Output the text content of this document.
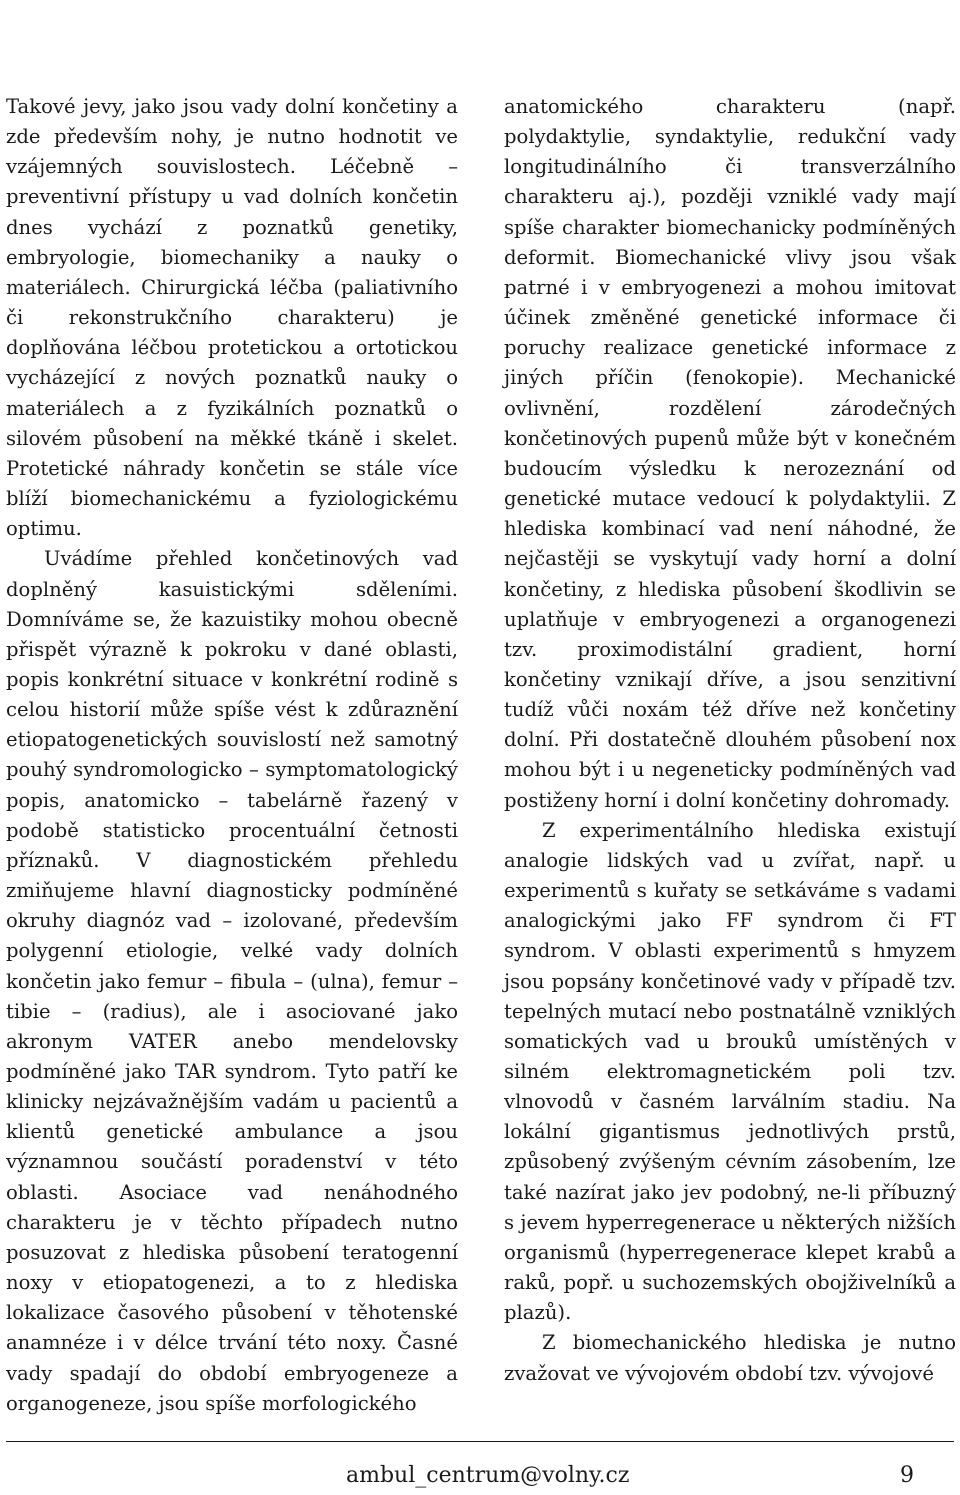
Takové jevy, jako jsou vady dolní končetiny a zde především nohy, je nutno hodnotit ve vzájemných souvislostech. Léčebně – preventivní přístupy u vad dolních končetin dnes vychází z poznatků genetiky, embryologie, biomechaniky a nauky o materiálech. Chirurgická léčba (paliativního či rekonstrukčního charakteru) je doplňována léčbou protetickou a ortotickou vycházející z nových poznatků nauky o materiálech a z fyzikálních poznatků o silovém působení na měkké tkáně i skelet. Protetické náhrady končetin se stále více blíží biomechanickému a fyziologickému optimu.

Uvádíme přehled končetinových vad doplněný kasuistickými sděleními. Domníváme se, že kazuistiky mohou obecně přispět výrazně k pokroku v dané oblasti, popis konkrétní situace v konkrétní rodině s celou historií může spíše vést k zdůraznění etiopatogenetických souvislostí než samotný pouhý syndromologicko – symptomatologický popis, anatomicko – tabelárně řazený v podobě statisticko procentuální četnosti příznaků. V diagnostickém přehledu zmiňujeme hlavní diagnosticky podmíněné okruhy diagnóz vad – izolované, především polygenní etiologie, velké vady dolních končetin jako femur – fibula – (ulna), femur – tibie – (radius), ale i asociované jako akronym VATER anebo mendelovsky podmíněné jako TAR syndrom. Tyto patří ke klinicky nejzávažnějším vadám u pacientů a klientů genetické ambulance a jsou významnou součástí poradenství v této oblasti. Asociace vad nenáhodného charakteru je v těchto případech nutno posuzovat z hlediska působení teratogenní noxy v etiopatogenezi, a to z hlediska lokalizace časového působení v těhotenské anamnéze i v délce trvání této noxy. Časné vady spadají do období embryogeneze a organogeneze, jsou spíše morfologického

anatomického charakteru (např. polydaktylie, syndaktylie, redukční vady longitudinálního či transverzálního charakteru aj.), později vzniklé vady mají spíše charakter biomechanicky podmíněných deformit. Biomechanické vlivy jsou však patrné i v embryogenezi a mohou imitovat účinek změněné genetické informace či poruchy realizace genetické informace z jiných příčin (fenokopie). Mechanické ovlivnění, rozdělení zárodečných končetinových pupenů může být v konečném budoucím výsledku k nerozeznání od genetické mutace vedoucí k polydaktylii. Z hlediska kombinací vad není náhodné, že nejčastěji se vyskytují vady horní a dolní končetiny, z hlediska působení škodlivin se uplatňuje v embryogenezi a organogenezi tzv. proximodistální gradient, horní končetiny vznikají dříve, a jsou senzitivní tudíž vůči noxám též dříve než končetiny dolní. Při dostatečně dlouhém působení nox mohou být i u negeneticky podmíněných vad postiženy horní i dolní končetiny dohromady.

Z experimentálního hlediska existují analogie lidských vad u zvířat, např. u experimentů s kuřaty se setkáváme s vadami analogickými jako FF syndrom či FT syndrom. V oblasti experimentů s hmyzem jsou popsány končetinové vady v případě tzv. tepelných mutací nebo postnatálně vzniklých somatických vad u brouků umístěných v silném elektromagnetickém poli tzv. vlnovodů v časném larválním stadiu. Na lokální gigantismus jednotlivých prstů, způsobený zvýšeným cévním zásobením, lze také nazírat jako jev podobný, ne-li příbuzný s jevem hyperregenerace u některých nižších organismů (hyperregenerace klepet krabů a raků, popř. u suchozemských obojživelníků a plazů).

Z biomechanického hlediska je nutno zvažovat ve vývojovém období tzv. vývojové

ambul_centrum@volny.cz	9
